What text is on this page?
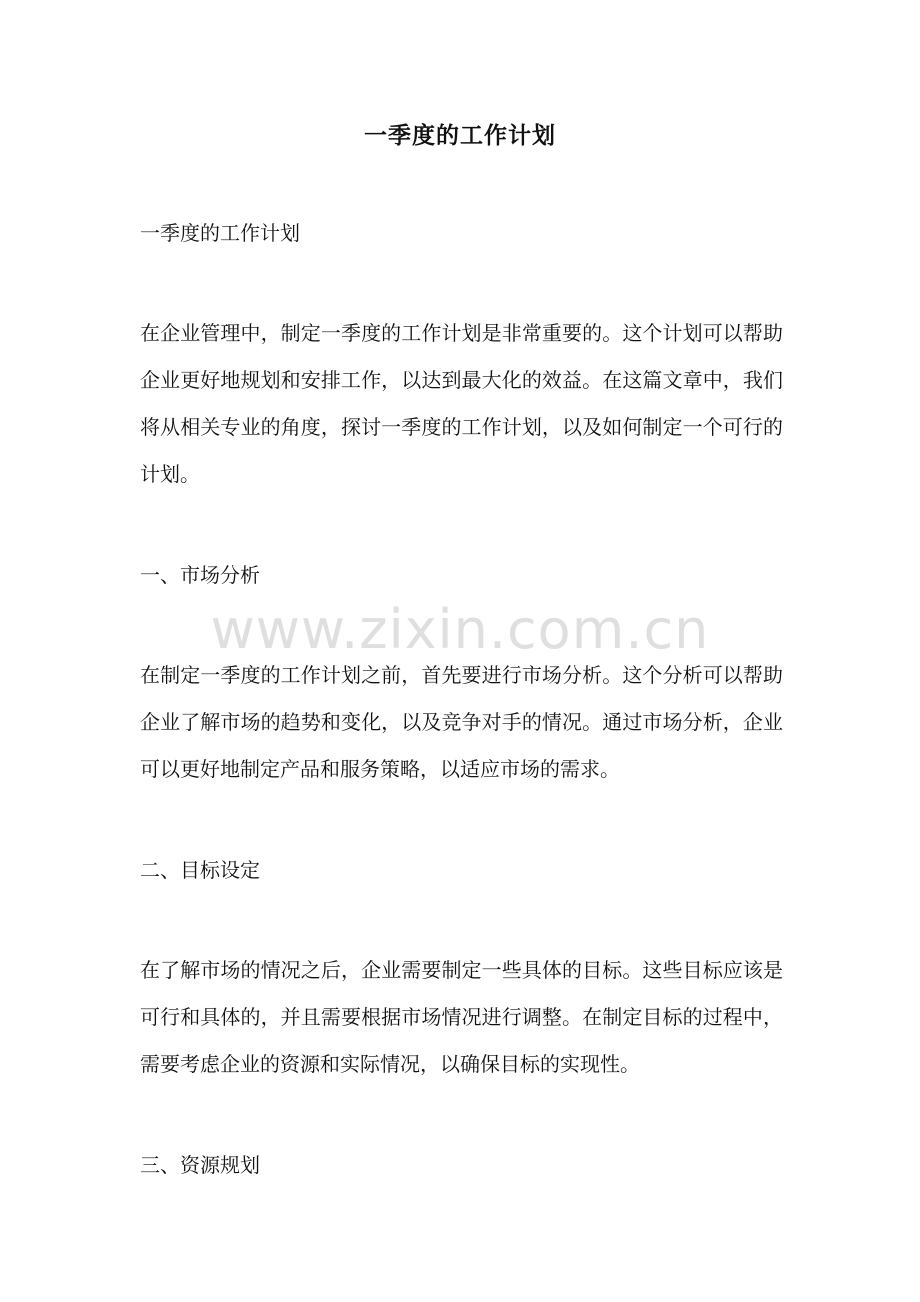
一季度的工作计划

一季度的工作计划

在企业管理中，制定一季度的工作计划是非常重要的。这个计划可以帮助企业更好地规划和安排工作，以达到最大化的效益。在这篇文章中，我们将从相关专业的角度，探讨一季度的工作计划，以及如何制定一个可行的计划。

一、市场分析

在制定一季度的工作计划之前，首先要进行市场分析。这个分析可以帮助企业了解市场的趋势和变化，以及竞争对手的情况。通过市场分析，企业可以更好地制定产品和服务策略，以适应市场的需求。

二、目标设定

在了解市场的情况之后，企业需要制定一些具体的目标。这些目标应该是可行和具体的，并且需要根据市场情况进行调整。在制定目标的过程中，需要考虑企业的资源和实际情况，以确保目标的实现性。

三、资源规划

www.zixin.com.cn
